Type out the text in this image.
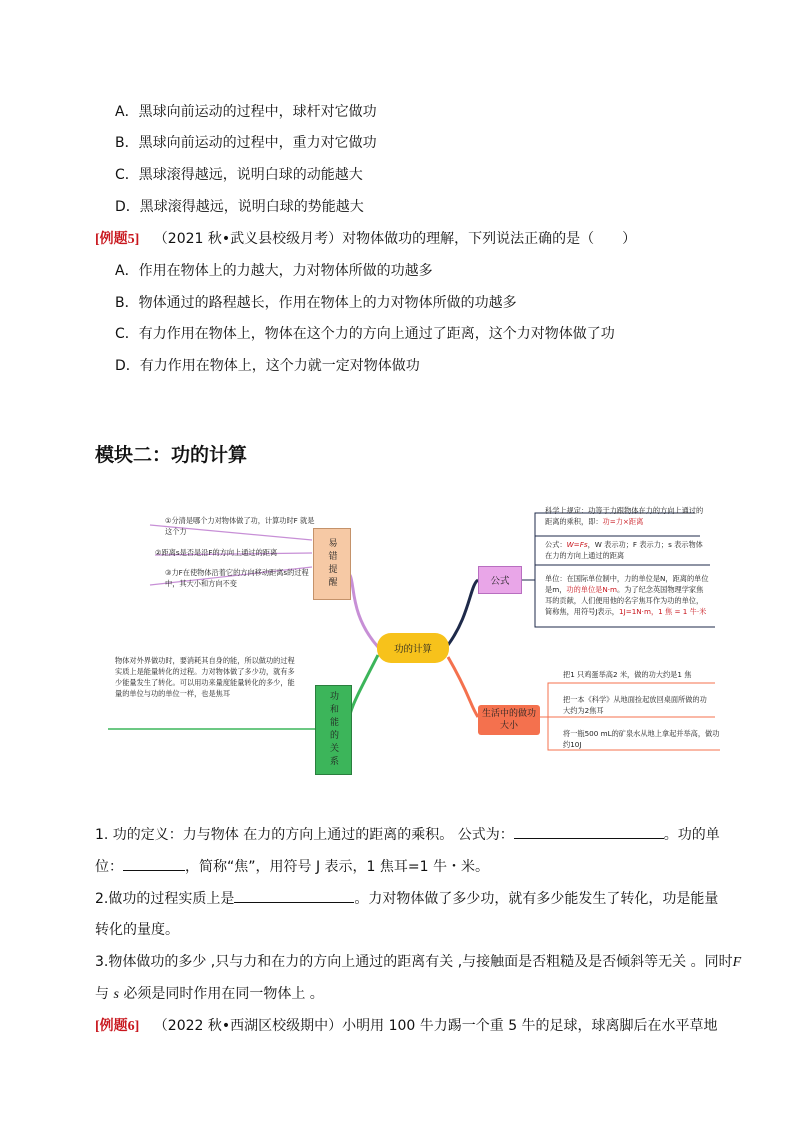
A．黑球向前运动的过程中，球杆对它做功
B．黑球向前运动的过程中，重力对它做功
C．黑球滚得越远，说明白球的动能越大
D．黑球滚得越远，说明白球的势能越大
[例题5] （2021 秋•武义县校级月考）对物体做功的理解，下列说法正确的是（　　）
A．作用在物体上的力越大，力对物体所做的功越多
B．物体通过的路程越长，作用在物体上的力对物体所做的功越多
C．有力作用在物体上，物体在这个力的方向上通过了距离，这个力对物体做了功
D．有力作用在物体上，这个力就一定对物体做功
模块二：功的计算
功的计算
易错提醒
①分清是哪个力对物体做了功，计算功时F 就是这个力
②距离s是否是沿F的方向上通过的距离
③力F在使物体沿着它的方向移动距离s的过程中，其大小和方向不变
功和能的关系
物体对外界做功时，要消耗其自身的能，所以做功的过程实质上是能量转化的过程。力对物体做了多少功，就有多少能量发生了转化。可以用功来量度能量转化的多少，能量的单位与功的单位一样，也是焦耳
公式
科学上规定：功等于力跟物体在力的方向上通过的距离的乘积，即：功=力×距离
公式：W=Fs，W 表示功；F 表示力；s 表示物体在力的方向上通过的距离
单位：在国际单位制中，力的单位是N，距离的单位是m，功的单位是N·m。为了纪念英国物理学家焦耳的贡献，人们便用他的名字焦耳作为功的单位，简称焦，用符号J表示，1J=1N·m，1 焦 = 1 牛·米
生活中的做功大小
把1 只鸡蛋举高2 米，做的功大约是1 焦
把一本《科学》从地面捡起放回桌面所做的功大约为2焦耳
将一瓶500 mL的矿泉水从地上拿起并举高，做功约10J
1. 功的定义：力与物体 在力的方向上通过的距离的乘积。 公式为：	。功的单
位：	，简称“焦”，用符号 J 表示，1 焦耳=1 牛・米。
2.做功的过程实质上是	。力对物体做了多少功，就有多少能发生了转化，功是能量
转化的量度。
3.物体做功的多少 ,只与力和在力的方向上通过的距离有关 ,与接触面是否粗糙及是否倾斜等无关 。同时F
与 s 必须是同时作用在同一物体上 。
[例题6] （2022 秋•西湖区校级期中）小明用 100 牛力踢一个重 5 牛的足球，球离脚后在水平草地
